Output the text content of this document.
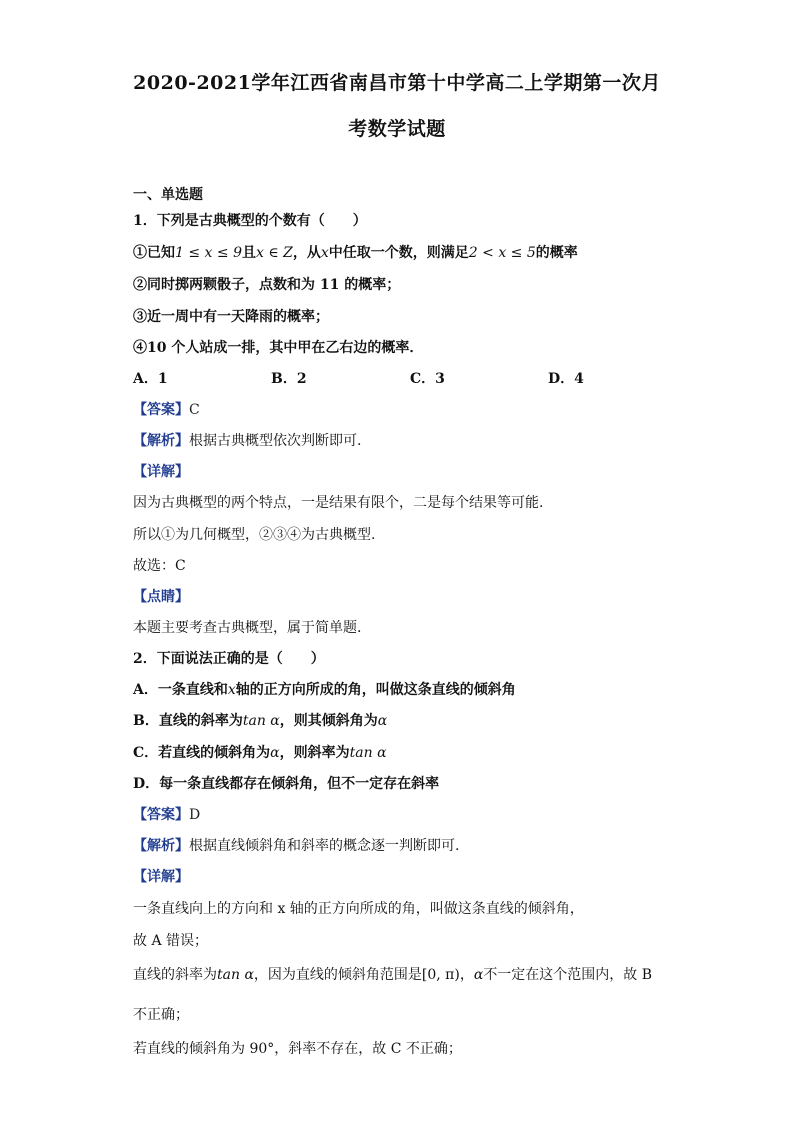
2020-2021学年江西省南昌市第十中学高二上学期第一次月
考数学试题
一、单选题
1．下列是古典概型的个数有（　　）
①已知1 ≤ x ≤ 9且x ∈ Z，从x中任取一个数，则满足2 < x ≤ 5的概率
②同时掷两颗骰子，点数和为 11 的概率；
③近一周中有一天降雨的概率；
④10 个人站成一排，其中甲在乙右边的概率．
A．1	B．2	C．3	D．4
【答案】C
【解析】根据古典概型依次判断即可.
【详解】
因为古典概型的两个特点，一是结果有限个，二是每个结果等可能.
所以①为几何概型，②③④为古典概型.
故选：C
【点睛】
本题主要考查古典概型，属于简单题.
2．下面说法正确的是（　　）
A．一条直线和x轴的正方向所成的角，叫做这条直线的倾斜角
B．直线的斜率为tan α，则其倾斜角为α
C．若直线的倾斜角为α，则斜率为tan α
D．每一条直线都存在倾斜角，但不一定存在斜率
【答案】D
【解析】根据直线倾斜角和斜率的概念逐一判断即可.
【详解】
一条直线向上的方向和 x 轴的正方向所成的角，叫做这条直线的倾斜角，
故 A 错误；
直线的斜率为tan α，因为直线的倾斜角范围是[0, π)，α不一定在这个范围内，故 B
不正确；
若直线的倾斜角为 90°，斜率不存在，故 C 不正确；
